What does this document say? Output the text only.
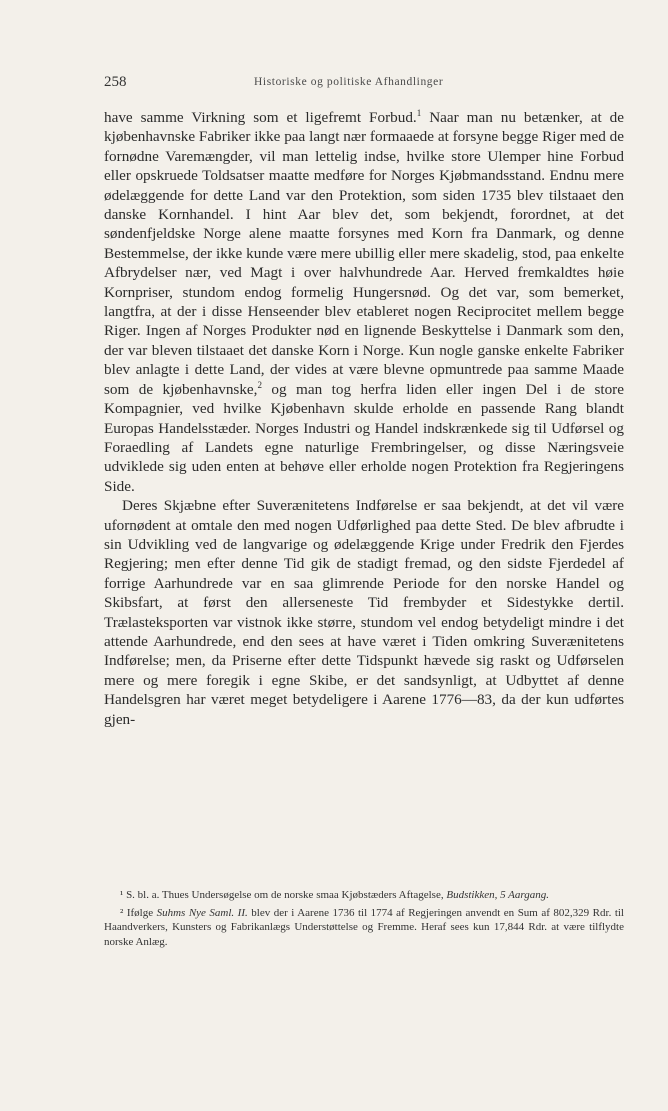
258	Historiske og politiske Afhandlinger

have samme Virkning som et ligefremt Forbud.$^1$ Naar man nu betænker, at de kjøbenhavnske Fabriker ikke paa langt nær formaaede at forsyne begge Riger med de fornødne Varemængder, vil man lettelig indse, hvilke store Ulemper hine Forbud eller opskruede Toldsatser maatte medføre for Norges Kjøbmandsstand. Endnu mere ødelæggende for dette Land var den Protektion, som siden 1735 blev tilstaaet den danske Kornhandel. I hint Aar blev det, som bekjendt, forordnet, at det søndenfjeldske Norge alene maatte forsynes med Korn fra Danmark, og denne Bestemmelse, der ikke kunde være mere ubillig eller mere skadelig, stod, paa enkelte Afbrydelser nær, ved Magt i over halvhundrede Aar. Herved fremkaldtes høie Kornpriser, stundom endog formelig Hungersnød. Og det var, som bemerket, langtfra, at der i disse Henseender blev etableret nogen Reciprocitet mellem begge Riger. Ingen af Norges Produkter nød en lignende Beskyttelse i Danmark som den, der var bleven tilstaaet det danske Korn i Norge. Kun nogle ganske enkelte Fabriker blev anlagte i dette Land, der vides at være blevne opmuntrede paa samme Maade som de kjøbenhavnske,$^2$ og man tog herfra liden eller ingen Del i de store Kompagnier, ved hvilke Kjøbenhavn skulde erholde en passende Rang blandt Europas Handelsstæder. Norges Industri og Handel indskrænkede sig til Udførsel og Foraedling af Landets egne naturlige Frembringelser, og disse Næringsveie udviklede sig uden enten at behøve eller erholde nogen Protektion fra Regjeringens Side.

Deres Skjæbne efter Suverænitetens Indførelse er saa bekjendt, at det vil være ufornødent at omtale den med nogen Udførlighed paa dette Sted. De blev afbrudte i sin Udvikling ved de langvarige og ødelæggende Krige under Fredrik den Fjerdes Regjering; men efter denne Tid gik de stadigt fremad, og den sidste Fjerdedel af forrige Aarhundrede var en saa glimrende Periode for den norske Handel og Skibsfart, at først den allerseneste Tid frembyder et Sidestykke dertil. Trælasteksporten var vistnok ikke større, stundom vel endog betydeligt mindre i det attende Aarhundrede, end den sees at have været i Tiden omkring Suverænitetens Indførelse; men, da Priserne efter dette Tidspunkt hævede sig raskt og Udførselen mere og mere foregik i egne Skibe, er det sandsynligt, at Udbyttet af denne Handelsgren har været meget betydeligere i Aarene 1776—83, da der kun udførtes gjen-

¹ S. bl. a. Thues Undersøgelse om de norske smaa Kjøbstæders Aftagelse, Budstikken, 5 Aargang.

² Ifølge Suhms Nye Saml. II. blev der i Aarene 1736 til 1774 af Regjeringen anvendt en Sum af 802,329 Rdr. til Haandverkers, Kunsters og Fabrikanlægs Understøttelse og Fremme. Heraf sees kun 17,844 Rdr. at være tilflydte norske Anlæg.
